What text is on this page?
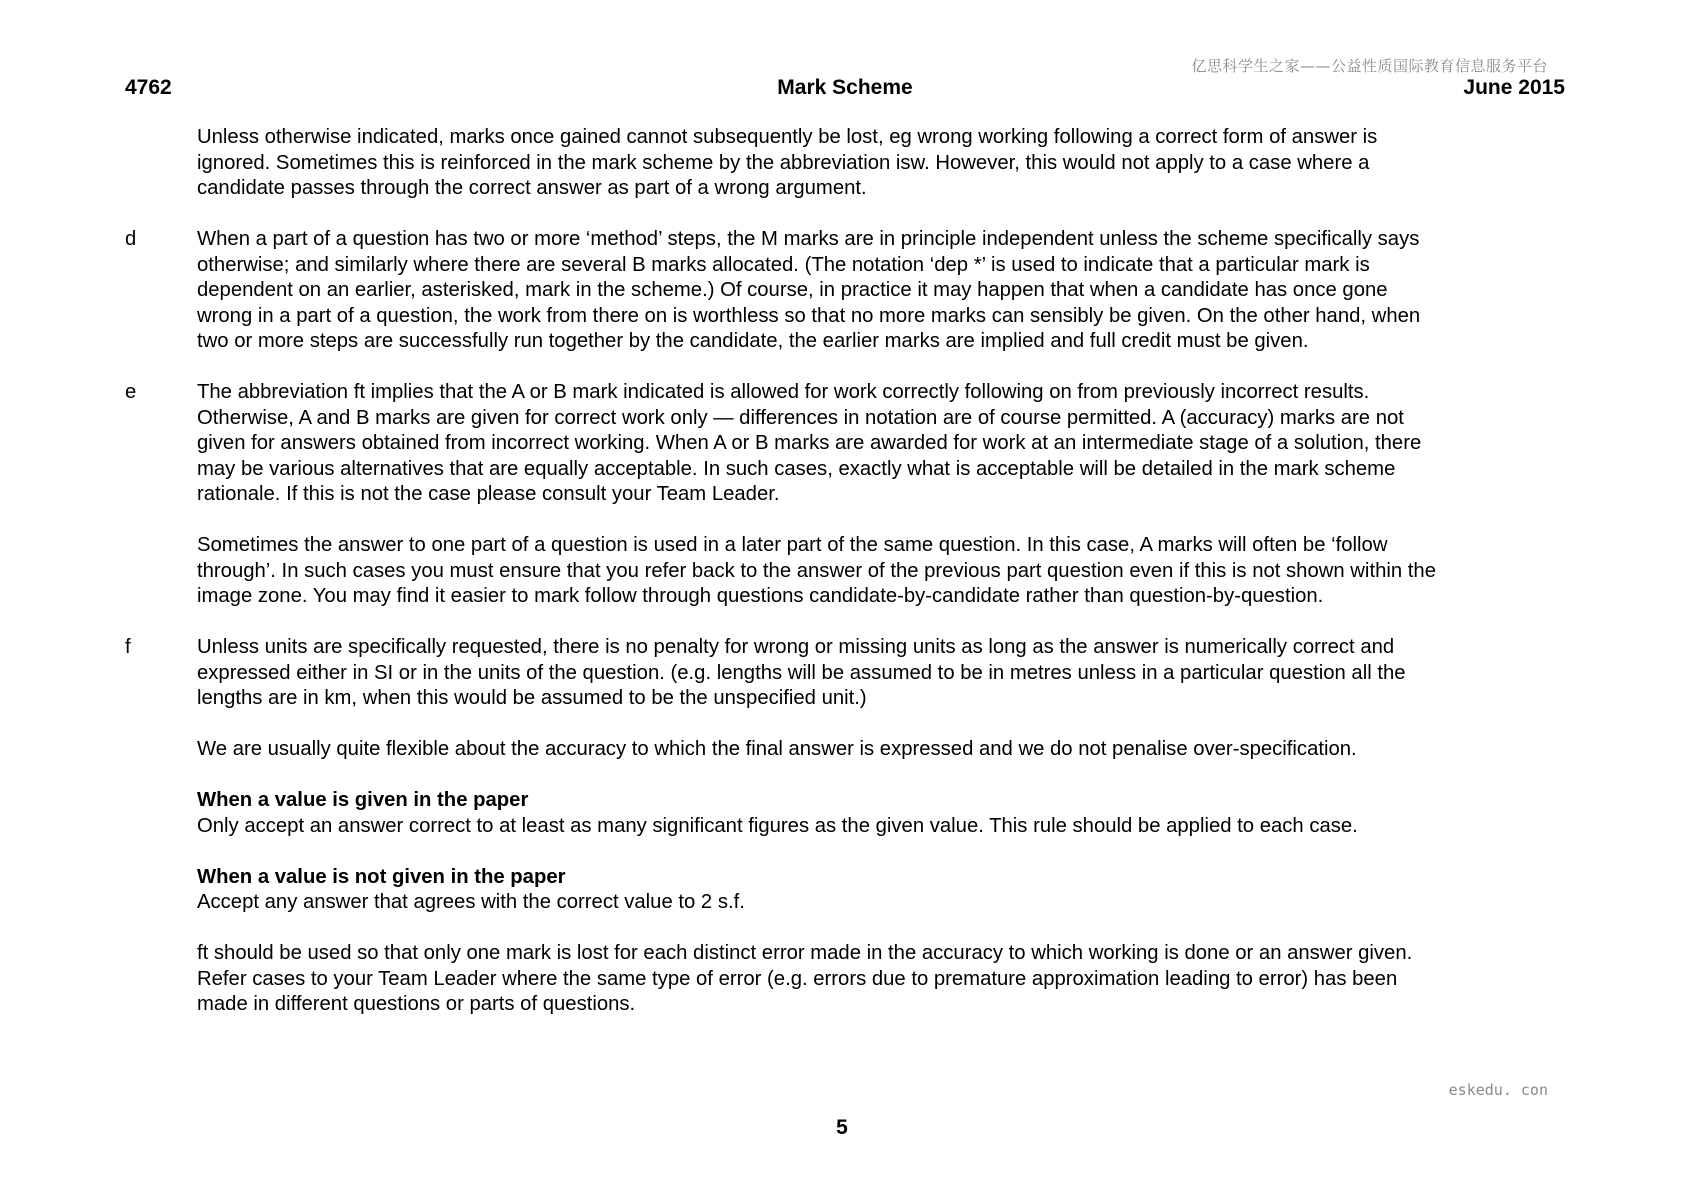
亿思科学生之家——公益性质国际教育信息服务平台
4762	Mark Scheme	June 2015
Unless otherwise indicated, marks once gained cannot subsequently be lost, eg wrong working following a correct form of answer is
ignored. Sometimes this is reinforced in the mark scheme by the abbreviation isw. However, this would not apply to a case where a
candidate passes through the correct answer as part of a wrong argument.
d	When a part of a question has two or more ‘method’ steps, the M marks are in principle independent unless the scheme specifically says
otherwise; and similarly where there are several B marks allocated. (The notation ‘dep *’ is used to indicate that a particular mark is
dependent on an earlier, asterisked, mark in the scheme.) Of course, in practice it may happen that when a candidate has once gone
wrong in a part of a question, the work from there on is worthless so that no more marks can sensibly be given. On the other hand, when
two or more steps are successfully run together by the candidate, the earlier marks are implied and full credit must be given.
e	The abbreviation ft implies that the A or B mark indicated is allowed for work correctly following on from previously incorrect results.
Otherwise, A and B marks are given for correct work only — differences in notation are of course permitted. A (accuracy) marks are not
given for answers obtained from incorrect working. When A or B marks are awarded for work at an intermediate stage of a solution, there
may be various alternatives that are equally acceptable. In such cases, exactly what is acceptable will be detailed in the mark scheme
rationale. If this is not the case please consult your Team Leader.
Sometimes the answer to one part of a question is used in a later part of the same question. In this case, A marks will often be ‘follow
through’. In such cases you must ensure that you refer back to the answer of the previous part question even if this is not shown within the
image zone. You may find it easier to mark follow through questions candidate-by-candidate rather than question-by-question.
f	Unless units are specifically requested, there is no penalty for wrong or missing units as long as the answer is numerically correct and
expressed either in SI or in the units of the question. (e.g. lengths will be assumed to be in metres unless in a particular question all the
lengths are in km, when this would be assumed to be the unspecified unit.)
We are usually quite flexible about the accuracy to which the final answer is expressed and we do not penalise over-specification.
When a value is given in the paper
Only accept an answer correct to at least as many significant figures as the given value. This rule should be applied to each case.
When a value is not given in the paper
Accept any answer that agrees with the correct value to 2 s.f.
ft should be used so that only one mark is lost for each distinct error made in the accuracy to which working is done or an answer given.
Refer cases to your Team Leader where the same type of error (e.g. errors due to premature approximation leading to error) has been
made in different questions or parts of questions.
eskedu. con
5
